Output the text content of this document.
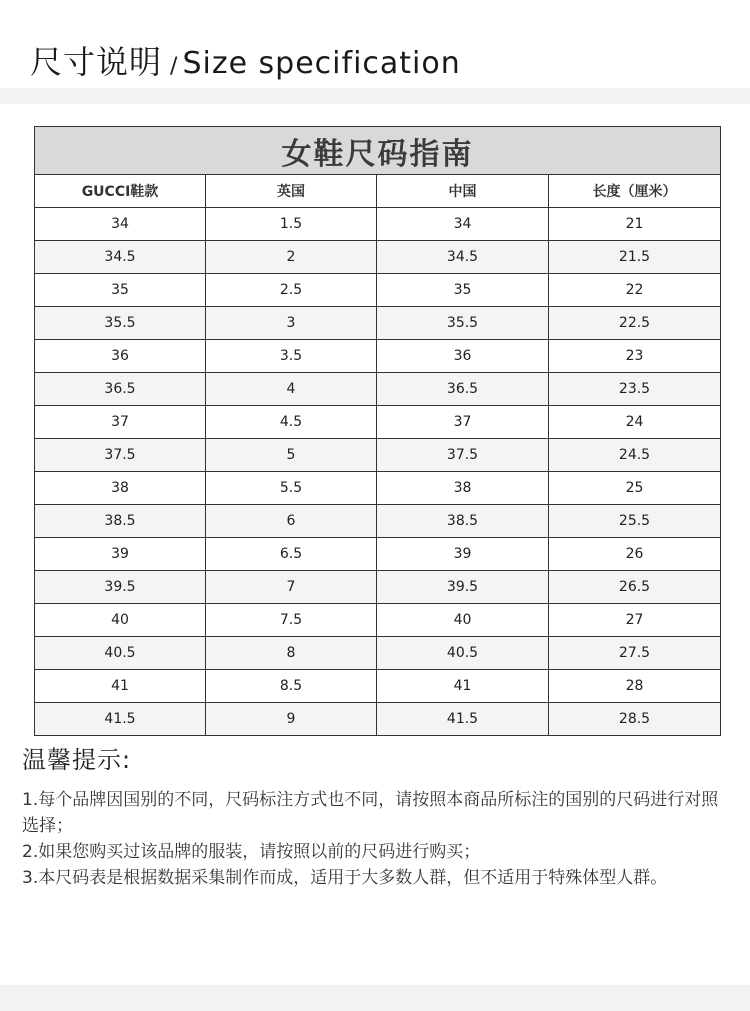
尺寸说明 / Size specification
女鞋尺码指南			
GUCCI鞋款	英国	中国	长度（厘米）
34	1.5	34	21
34.5	2	34.5	21.5
35	2.5	35	22
35.5	3	35.5	22.5
36	3.5	36	23
36.5	4	36.5	23.5
37	4.5	37	24
37.5	5	37.5	24.5
38	5.5	38	25
38.5	6	38.5	25.5
39	6.5	39	26
39.5	7	39.5	26.5
40	7.5	40	27
40.5	8	40.5	27.5
41	8.5	41	28
41.5	9	41.5	28.5
温馨提示:

1.每个品牌因国别的不同，尺码标注方式也不同，请按照本商品所标注的国别的尺码进行对照选择；

2.如果您购买过该品牌的服装，请按照以前的尺码进行购买；

3.本尺码表是根据数据采集制作而成，适用于大多数人群，但不适用于特殊体型人群。
